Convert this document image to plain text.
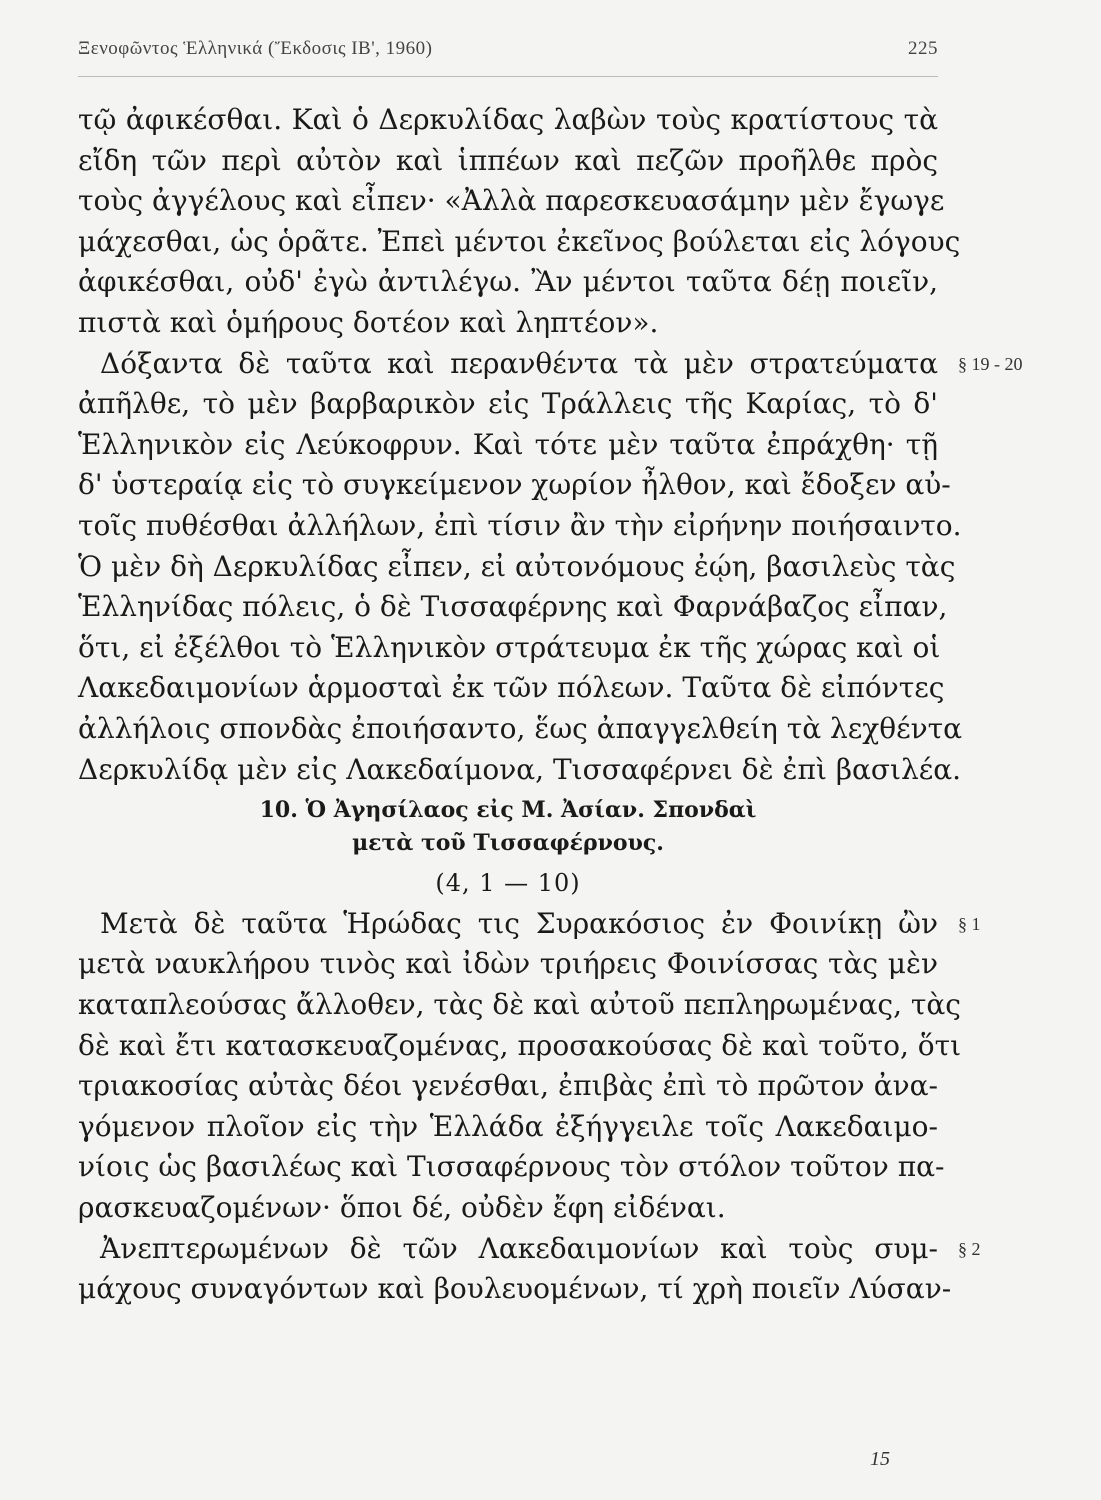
Ξενοφῶντος Ἑλληνικά (Ἔκδοσις ΙΒ', 1960)	225
τῷ ἀφικέσθαι. Καὶ ὁ Δερκυλίδας λαβὼν τοὺς κρατίστους τὰ
εἴδη τῶν περὶ αὐτὸν καὶ ἱππέων καὶ πεζῶν προῆλθε πρὸς
τοὺς ἀγγέλους καὶ εἶπεν· «Ἀλλὰ παρεσκευασάμην μὲν ἔγωγε
μάχεσθαι, ὡς ὁρᾶτε. Ἐπεὶ μέντοι ἐκεῖνος βούλεται εἰς λόγους
ἀφικέσθαι, οὐδ' ἐγὼ ἀντιλέγω. Ἂν μέντοι ταῦτα δέῃ ποιεῖν,
πιστὰ καὶ ὁμήρους δοτέον καὶ ληπτέον».
Δόξαντα δὲ ταῦτα καὶ περανθέντα τὰ μὲν στρατεύματα § 19 - 20
ἀπῆλθε, τὸ μὲν βαρβαρικὸν εἰς Τράλλεις τῆς Καρίας, τὸ δ'
Ἑλληνικὸν εἰς Λεύκοφρυν. Καὶ τότε μὲν ταῦτα ἐπράχθη· τῇ
δ' ὑστεραίᾳ εἰς τὸ συγκείμενον χωρίον ἦλθον, καὶ ἔδοξεν αὐ-
τοῖς πυθέσθαι ἀλλήλων, ἐπὶ τίσιν ἂν τὴν εἰρήνην ποιήσαιντο.
Ὁ μὲν δὴ Δερκυλίδας εἶπεν, εἰ αὐτονόμους ἐῴη, βασιλεὺς τὰς
Ἑλληνίδας πόλεις, ὁ δὲ Τισσαφέρνης καὶ Φαρνάβαζος εἶπαν,
ὅτι, εἰ ἐξέλθοι τὸ Ἑλληνικὸν στράτευμα ἐκ τῆς χώρας καὶ οἱ
Λακεδαιμονίων ἁρμοσταὶ ἐκ τῶν πόλεων. Ταῦτα δὲ εἰπόντες
ἀλλήλοις σπονδὰς ἐποιήσαντο, ἕως ἀπαγγελθείη τὰ λεχθέντα
Δερκυλίδᾳ μὲν εἰς Λακεδαίμονα, Τισσαφέρνει δὲ ἐπὶ βασιλέα.
10. Ὁ Ἀγησίλαος εἰς Μ. Ἀσίαν. Σπονδαὶ
μετὰ τοῦ Τισσαφέρνους.
(4, 1 — 10)
Μετὰ δὲ ταῦτα Ἡρώδας τις Συρακόσιος ἐν Φοινίκῃ ὢν § 1
μετὰ ναυκλήρου τινὸς καὶ ἰδὼν τριήρεις Φοινίσσας τὰς μὲν
καταπλεούσας ἄλλοθεν, τὰς δὲ καὶ αὐτοῦ πεπληρωμένας, τὰς
δὲ καὶ ἔτι κατασκευαζομένας, προσακούσας δὲ καὶ τοῦτο, ὅτι
τριακοσίας αὐτὰς δέοι γενέσθαι, ἐπιβὰς ἐπὶ τὸ πρῶτον ἀνα-
γόμενον πλοῖον εἰς τὴν Ἑλλάδα ἐξήγγειλε τοῖς Λακεδαιμο-
νίοις ὡς βασιλέως καὶ Τισσαφέρνους τὸν στόλον τοῦτον πα-
ρασκευαζομένων· ὅποι δέ, οὐδὲν ἔφη εἰδέναι.
Ἀνεπτερωμένων δὲ τῶν Λακεδαιμονίων καὶ τοὺς συμ- § 2
μάχους συναγόντων καὶ βουλευομένων, τί χρὴ ποιεῖν Λύσαν-
15
